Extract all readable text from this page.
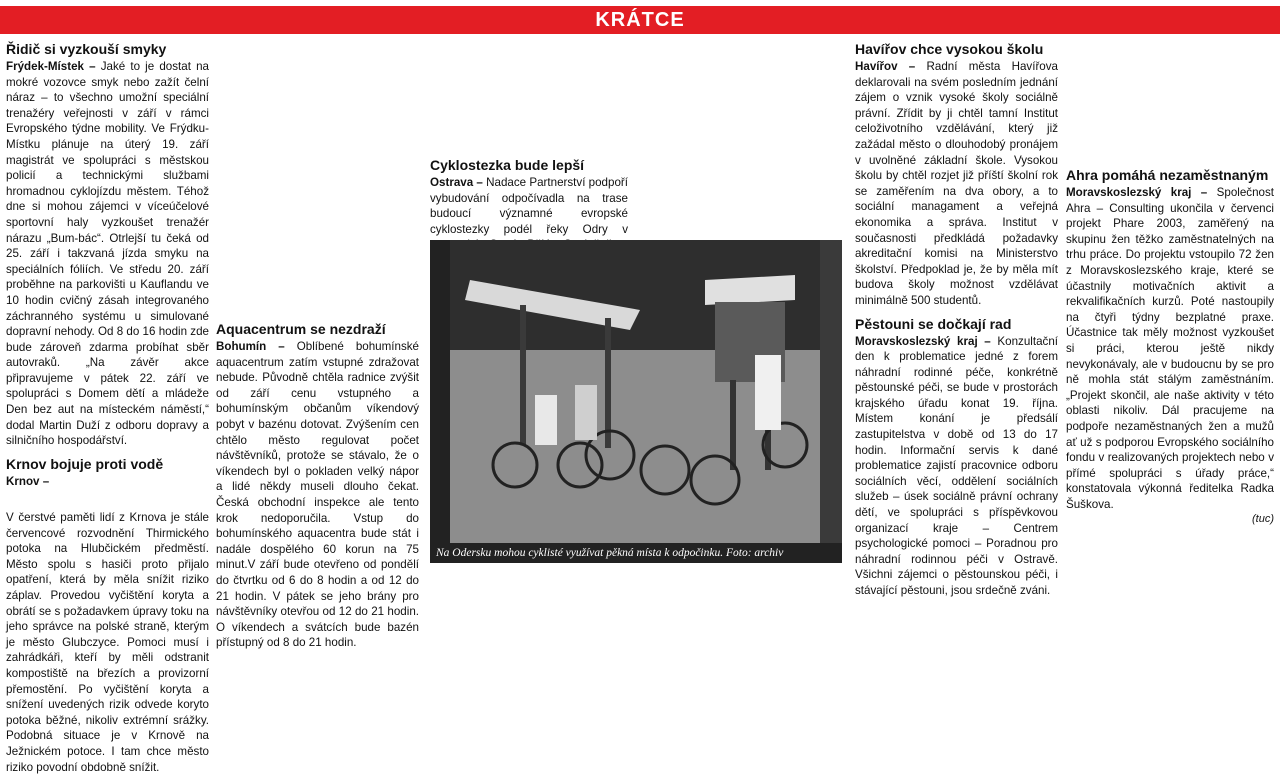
KRÁTCE
Řidič si vyzkouší smyky

Frýdek-Místek – Jaké to je dostat na mokré vozovce smyk nebo zažít čelní náraz – to všechno umožní speciální trenažéry veřejnosti v září v rámci Evropského týdne mobility. Ve Frýdku-Místku plánuje na úterý 19. září magistrát ve spolupráci s městskou policií a technickými službami hromadnou cyklojízdu městem. Téhož dne si mohou zájemci v víceúčelové sportovní haly vyzkoušet trenažér nárazu „Bum-bác“. Otrlejší tu čeká od 25. září i takzvaná jízda smyku na speciálních fóliích. Ve středu 20. září proběhne na parkovišti u Kauflandu ve 10 hodin cvičný zásah integrovaného záchranného systému u simulované dopravní nehody. Od 8 do 16 hodin zde bude zároveň zdarma probíhat sběr autovraků. „Na závěr akce připravujeme v pátek 22. září ve spolupráci s Domem dětí a mládeže Den bez aut na místeckém náměstí,“ dodal Martin Duží z odboru dopravy a silničního hospodářství.

Krnov bojuje proti vodě

Krnov –

V čerstvé paměti lidí z Krnova je stále červencové rozvodnění Thirmického potoka na Hlubčickém předměstí. Město spolu s hasiči proto přijalo opatření, která by měla snížit riziko záplav. Provedou vyčištění koryta a obrátí se s požadavkem úpravy toku na jeho správce na polské straně, kterým je město Glubczyce. Pomoci musí i zahrádkáři, kteří by měli odstranit kompostiště na březích a provizorní přemostění. Po vyčištění koryta a snížení uvedených rizik odvede koryto potoka běžné, nikoliv extrémní srážky. Podobná situace je v Krnově na Ježnickém potoce. I tam chce město riziko povodní obdobně snížit.

Aquacentrum se nezdraží

Bohumín – Oblíbené bohumínské aquacentrum zatím vstupné zdražovat nebude. Původně chtěla radnice zvýšit od září cenu vstupného a bohumínským občanům víkendový pobyt v bazénu dotovat. Zvýšením cen chtělo město regulovat počet návštěvníků, protože se stávalo, že o víkendech byl o pokladen velký nápor a lidé někdy museli dlouho čekat. Česká obchodní inspekce ale tento krok nedoporučila. Vstup do bohumínského aquacentra bude stát i nadále dospělého 60 korun na 75 minut.V září bude otevřeno od pondělí do čtvrtku od 6 do 8 hodin a od 12 do 21 hodin. V pátek se jeho brány pro návštěvníky otevřou od 12 do 21 hodin. O víkendech a svátcích bude bazén přístupný od 8 do 21 hodin.

Cyklostezka bude lepší

Ostrava – Nadace Partnerství podpoří vybudování odpočívadla na trase budoucí významné evropské cyklostezky podél řeky Odry v

Havířov chce vysokou školu

Havířov – Radní města Havířova deklarovali na svém posledním jednání zájem o vznik vysoké školy sociálně právní. Zřídit by ji chtěl tamní Institut celoživotního vzdělávání, který již zažádal město o dlouhodobý pronájem v uvolněné základní škole. Vysokou školu by chtěl rozjet již příští školní rok se zaměřením na dva obory, a to sociální managament a veřejná ekonomika a správa. Institut v současnosti předkládá požadavky akreditační komisi na Ministerstvo školství. Předpoklad je, že by měla mít budova školy možnost vzdělávat minimálně 500 studentů.

Pěstouni se dočkají rad

Moravskoslezský kraj – Konzultační den k problematice jedné z forem náhradní rodinné péče, konkrétně pěstounské péči, se bude v prostorách krajského úřadu konat 19. října. Místem konání je předsálí zastupitelstva v době od 13 do 17 hodin. Informační servis k dané problematice zajistí pracovnice odboru sociálních věcí, oddělení sociálních služeb – úsek sociálně právní ochrany dětí, ve spolupráci s příspěvkovou organizací kraje – Centrem psychologické pomoci – Poradnou pro náhradní rodinnou péči v Ostravě. Všichni zájemci o pěstounskou péči, i stávající pěstouni, jsou srdečně zváni.

Ahra pomáhá nezaměstnaným

Moravskoslezský kraj – Společnost Ahra – Consulting ukončila v červenci projekt Phare 2003, zaměřený na skupinu žen těžko zaměstnatelných na trhu práce. Do projektu vstoupilo 72 žen z Moravskoslezského kraje, které se účastnily motivačních aktivit a rekvalifikačních kurzů. Poté nastoupily na čtyři týdny bezplatné praxe. Účastnice tak měly možnost vyzkoušet si práci, kterou ještě nikdy nevykonávaly, ale v budoucnu by se pro ně mohla stát stálým zaměstnáním. „Projekt skončil, ale naše aktivity v této oblasti nikoliv. Dál pracujeme na podpoře nezaměstnaných žen a mužů ať už s podporou Evropského sociálního fondu v realizovaných projektech nebo v přímé spolupráci s úřady práce,“ konstatovala výkonná ředitelka Radka Šuškova.

(tuc)
Na Odersku mohou cyklisté využívat pěkná místa k odpočinku. Foto: archiv
